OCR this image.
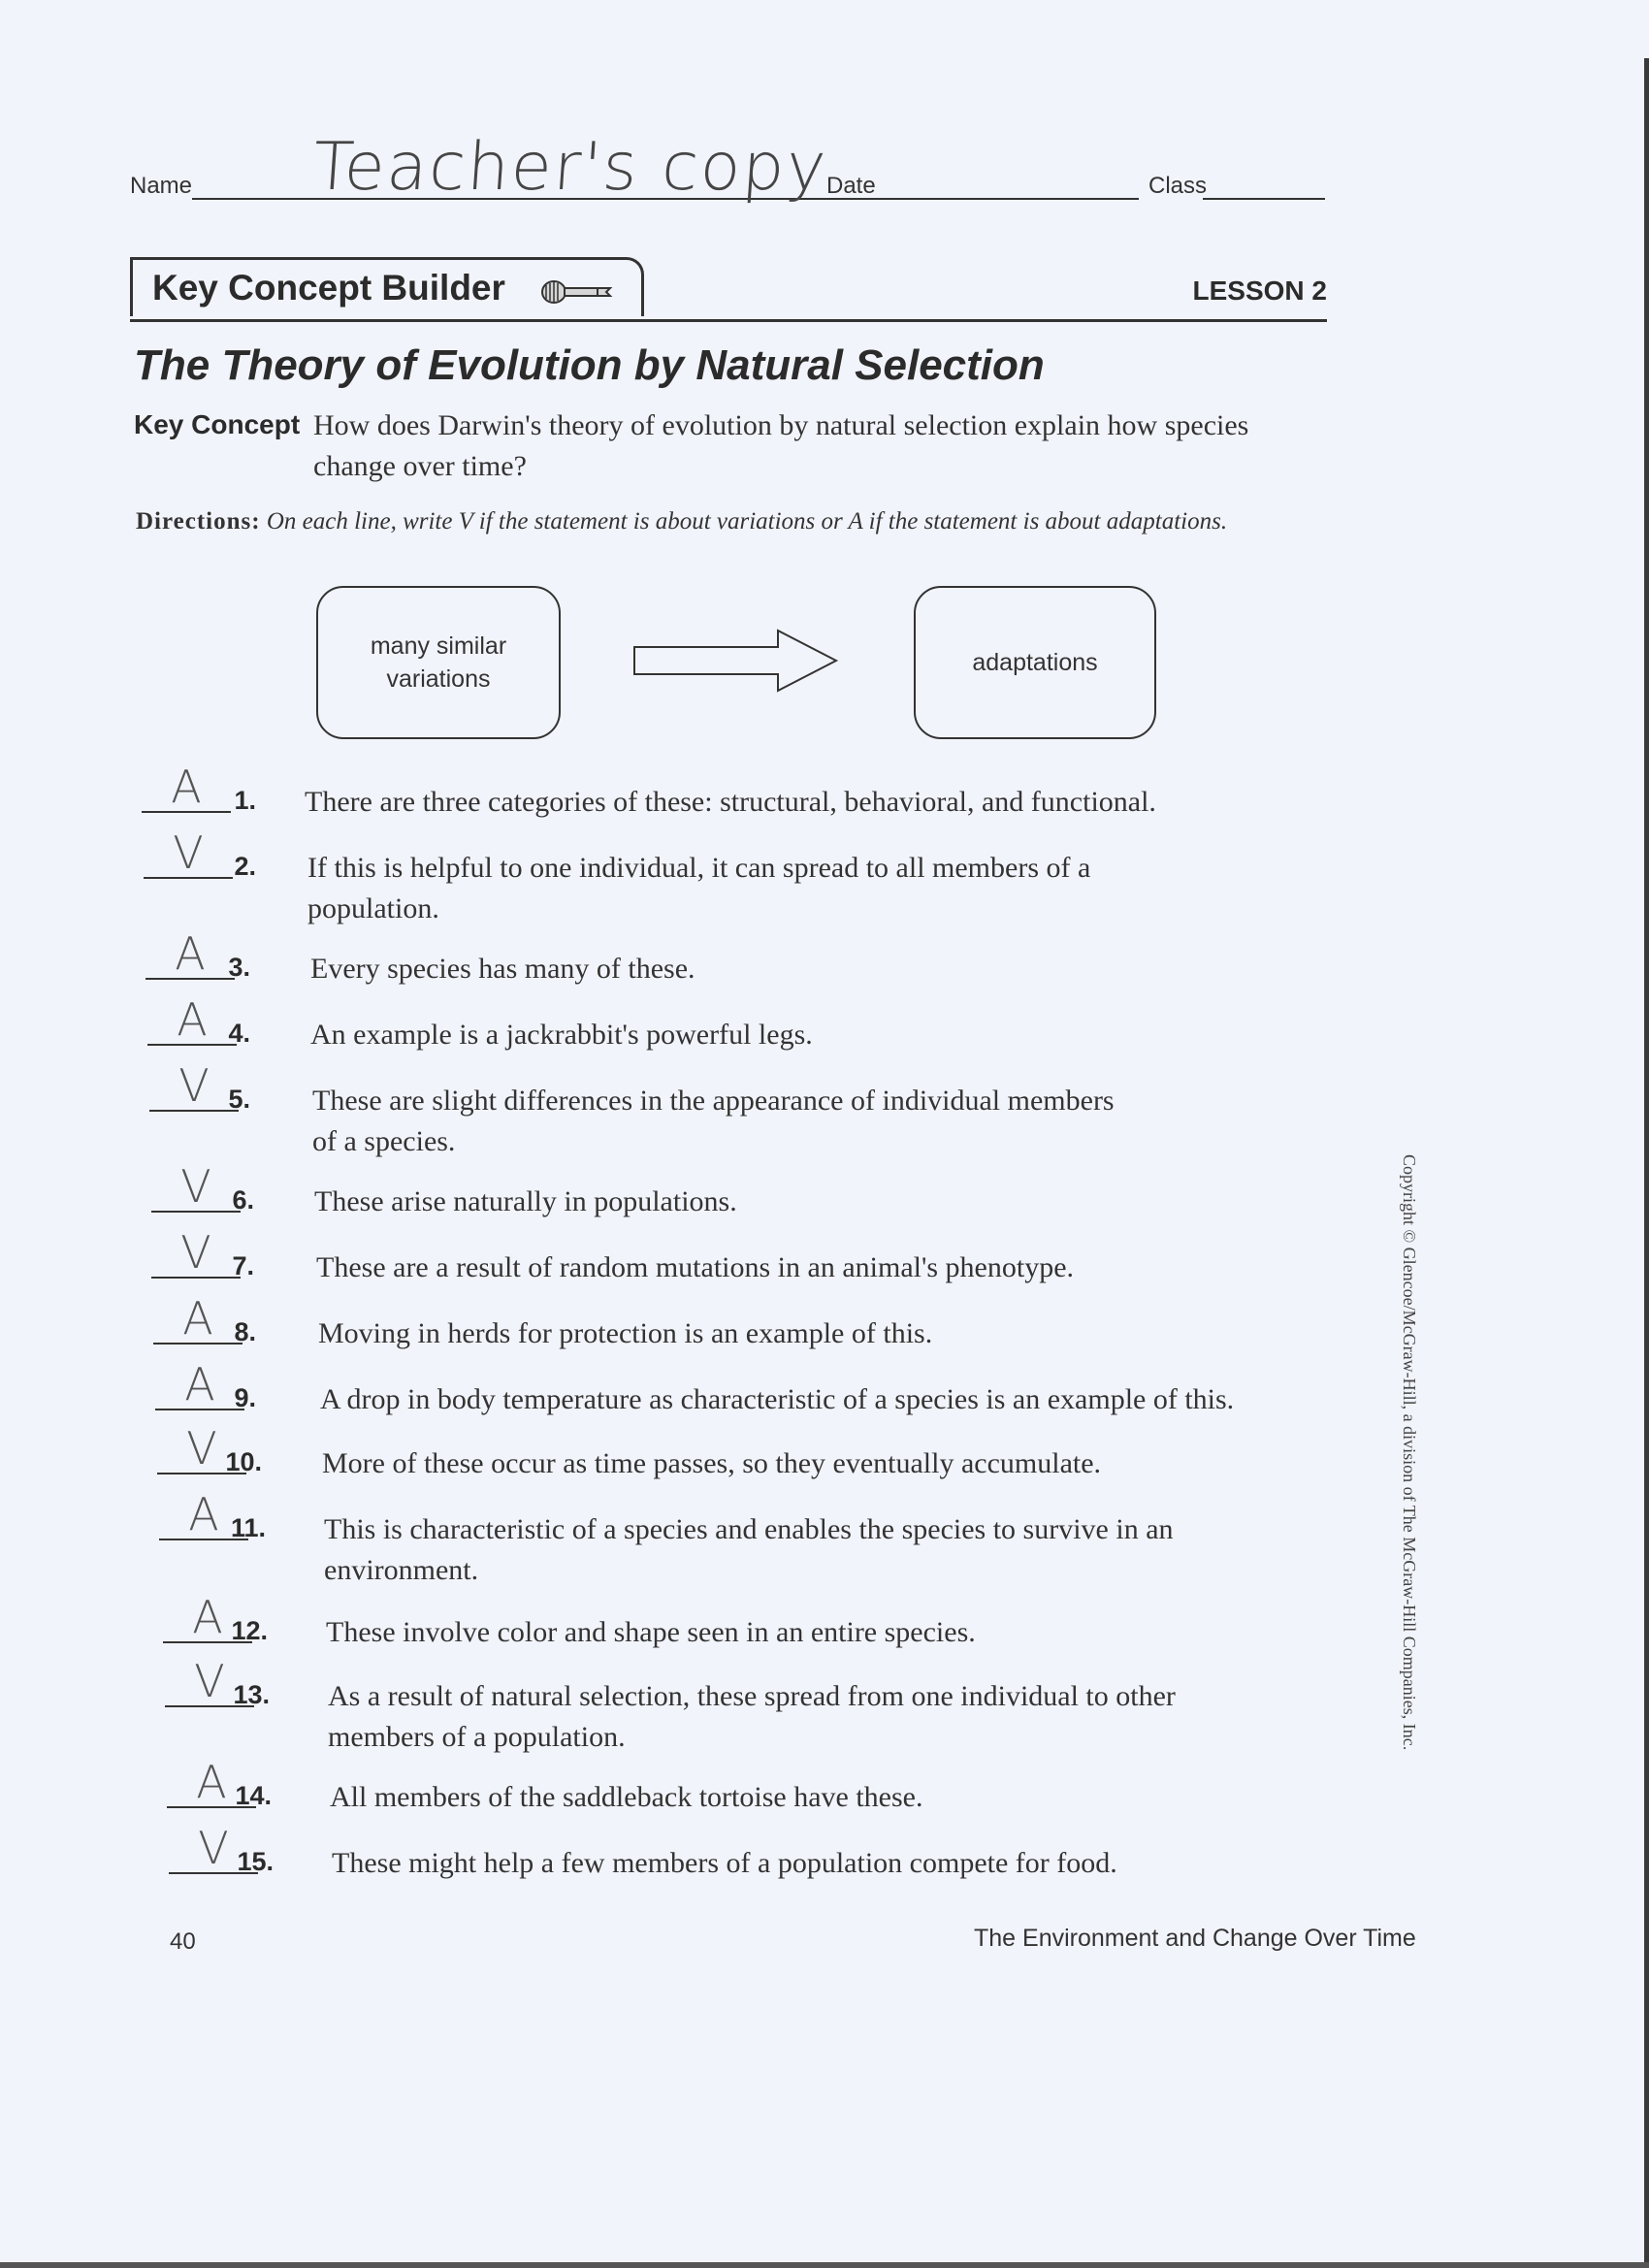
Name Teacher's copy
Date	Class
Key Concept Builder	LESSON 2
The Theory of Evolution by Natural Selection
Key Concept How does Darwin's theory of evolution by natural selection explain how species change over time?
Directions: On each line, write V if the statement is about variations or A if the statement is about adaptations.
many similar variations
adaptations
A	1. There are three categories of these: structural, behavioral, and functional.
V	2. If this is helpful to one individual, it can spread to all members of a
population.
A 3. Every species has many of these.
A 4. An example is a jackrabbit's powerful legs.
V 5. These are slight differences in the appearance of individual members
of a species.
V 6. These arise naturally in populations.
V 7. These are a result of random mutations in an animal's phenotype.
A 8. Moving in herds for protection is an example of this.
A 9. A drop in body temperature as characteristic of a species is an example of this.
V 10. More of these occur as time passes, so they eventually accumulate.
A 11. This is characteristic of a species and enables the species to survive in an
environment.
A 12. These involve color and shape seen in an entire species.
V 13. As a result of natural selection, these spread from one individual to other
members of a population.
A 14. All members of the saddleback tortoise have these.
V 15. These might help a few members of a population compete for food.
40	The Environment and Change Over Time
Copyright © Glencoe/McGraw-Hill, a division of The McGraw-Hill Companies, Inc.
